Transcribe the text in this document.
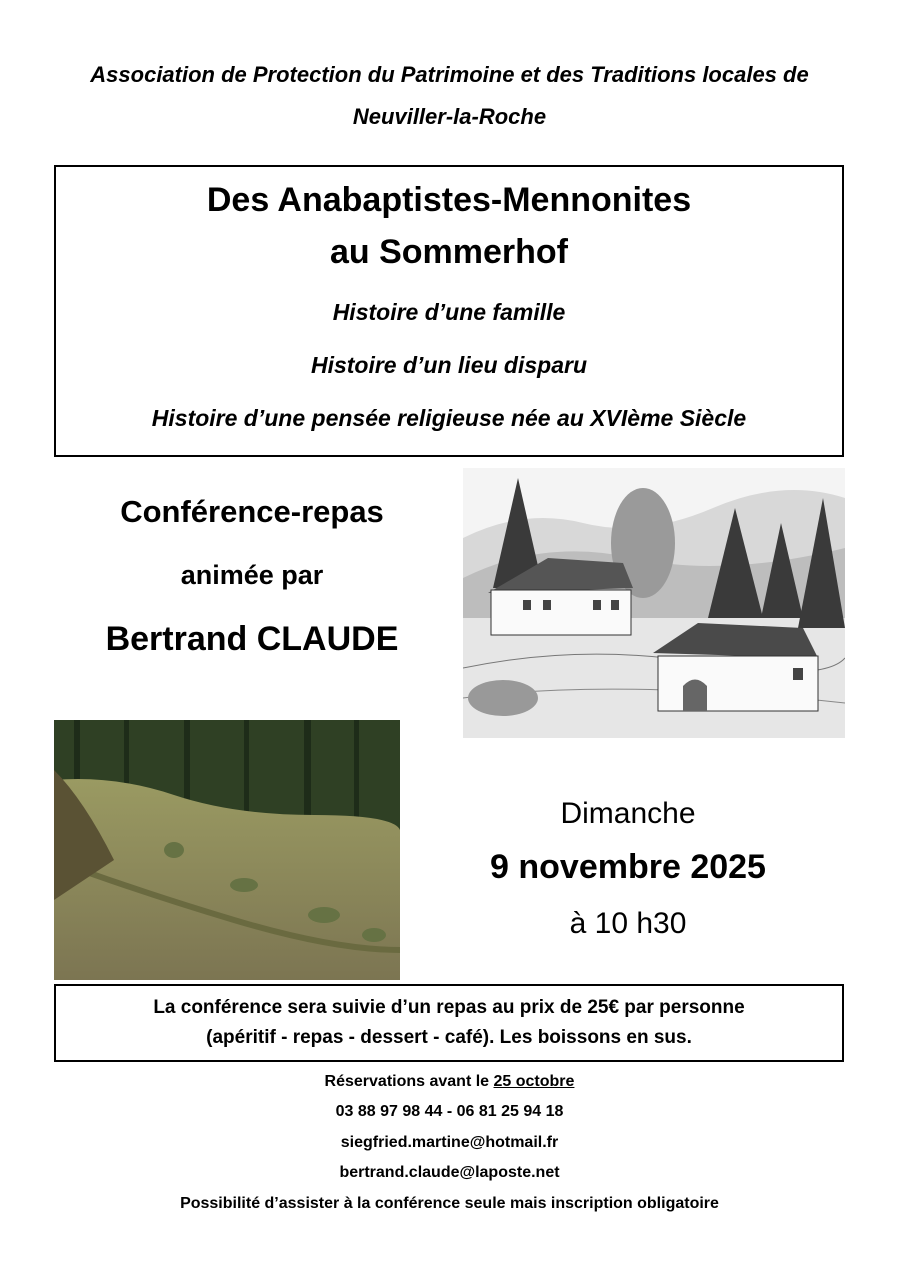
Association de Protection du Patrimoine et des Traditions locales de
Neuviller-la-Roche
Des Anabaptistes-Mennonites
au Sommerhof
Histoire d’une famille
Histoire d’un lieu disparu
Histoire d’une pensée religieuse née au XVIème Siècle
Conférence-repas
animée par
Bertrand CLAUDE
Dimanche
9 novembre 2025
à 10 h30
La conférence sera suivie d’un repas au prix de 25€ par personne
(apéritif - repas - dessert - café). Les boissons en sus.
Réservations avant le 25 octobre
03 88 97 98 44 - 06 81 25 94 18
siegfried.martine@hotmail.fr
bertrand.claude@laposte.net
Possibilité d’assister à la conférence seule mais inscription obligatoire
